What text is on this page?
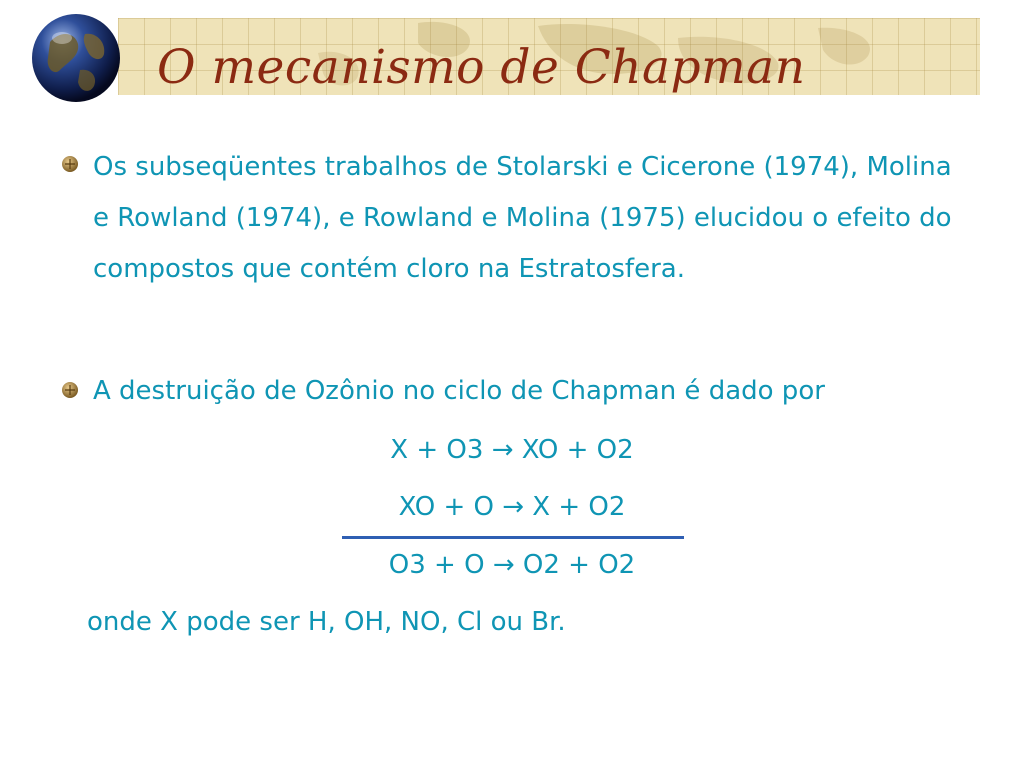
O mecanismo de Chapman

Os subseqüentes trabalhos de Stolarski e Cicerone (1974), Molina e Rowland (1974), e Rowland e Molina (1975) elucidou o efeito do compostos que contém cloro na Estratosfera.

A destruição de Ozônio no ciclo de Chapman é dado por

X + O3 → XO + O2
XO + O → X + O2
O3 + O → O2 + O2

onde X pode ser H, OH, NO, Cl ou Br.
